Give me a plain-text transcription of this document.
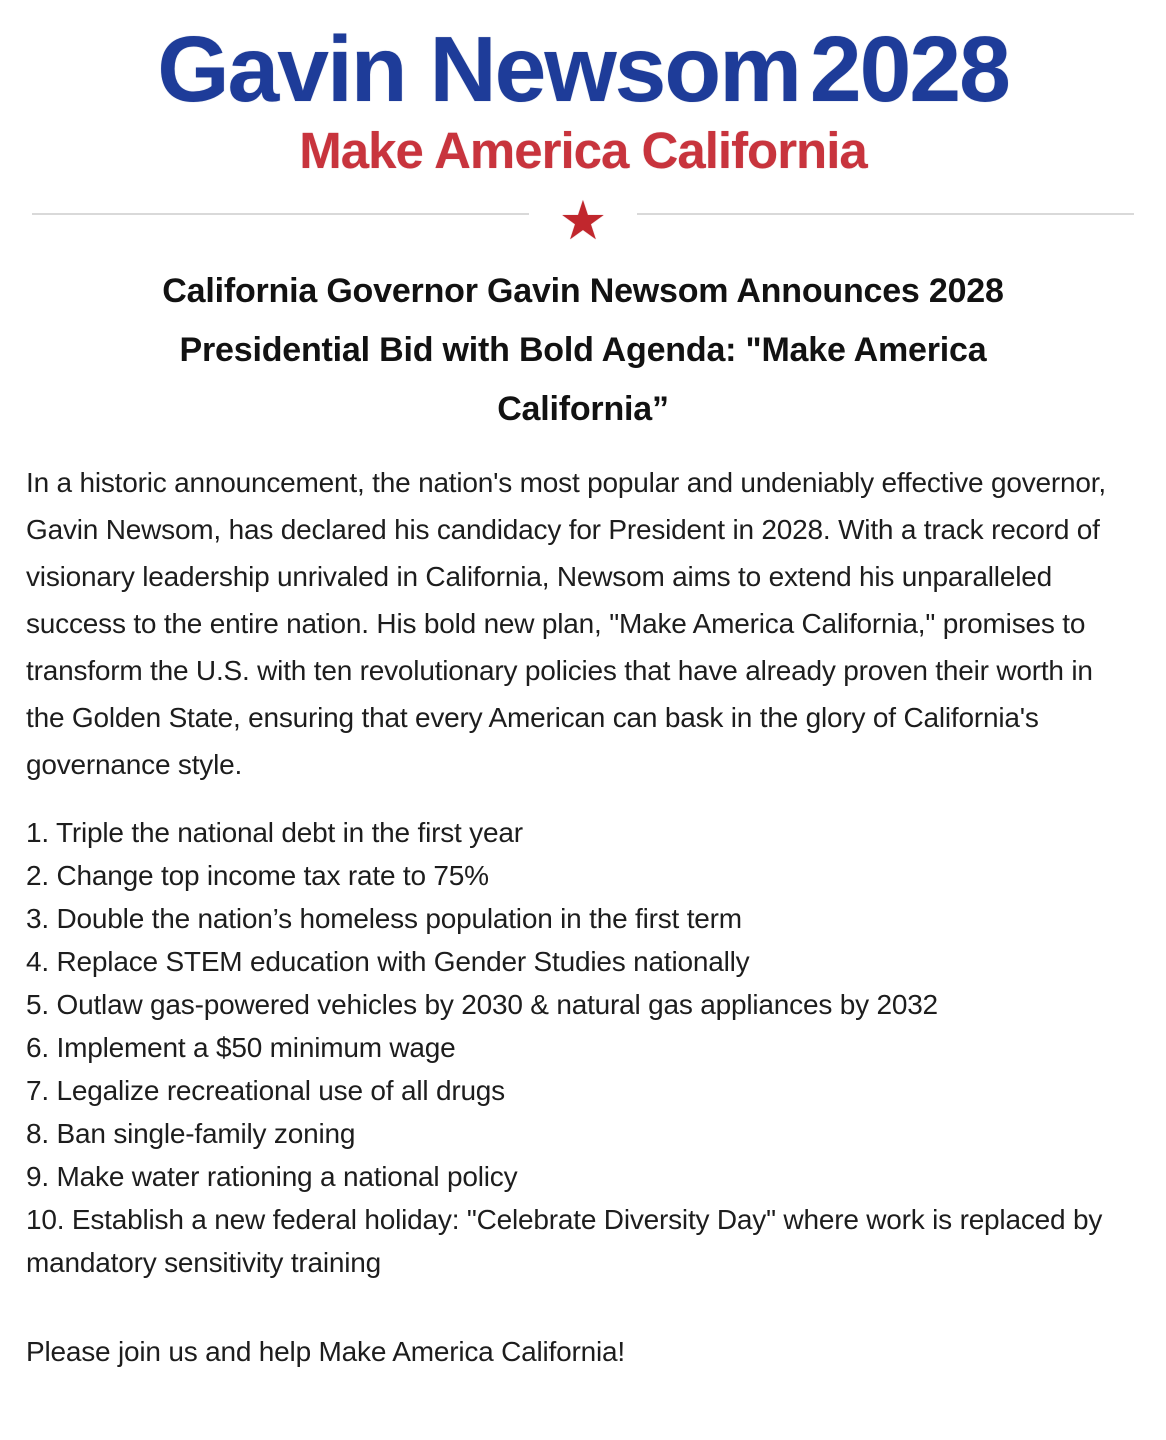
Gavin Newsom 2028
Make America California
★
California Governor Gavin Newsom Announces 2028
Presidential Bid with Bold Agenda: "Make America
California”

In a historic announcement, the nation's most popular and undeniably effective governor, Gavin Newsom, has declared his candidacy for President in 2028. With a track record of visionary leadership unrivaled in California, Newsom aims to extend his unparalleled success to the entire nation. His bold new plan, "Make America California," promises to transform the U.S. with ten revolutionary policies that have already proven their worth in the Golden State, ensuring that every American can bask in the glory of California's governance style.

1. Triple the national debt in the first year
2. Change top income tax rate to 75%
3. Double the nation’s homeless population in the first term
4. Replace STEM education with Gender Studies nationally
5. Outlaw gas-powered vehicles by 2030 & natural gas appliances by 2032
6. Implement a $50 minimum wage
7. Legalize recreational use of all drugs
8. Ban single-family zoning
9. Make water rationing a national policy
10. Establish a new federal holiday: "Celebrate Diversity Day" where work is replaced by mandatory sensitivity training

Please join us and help Make America California!
